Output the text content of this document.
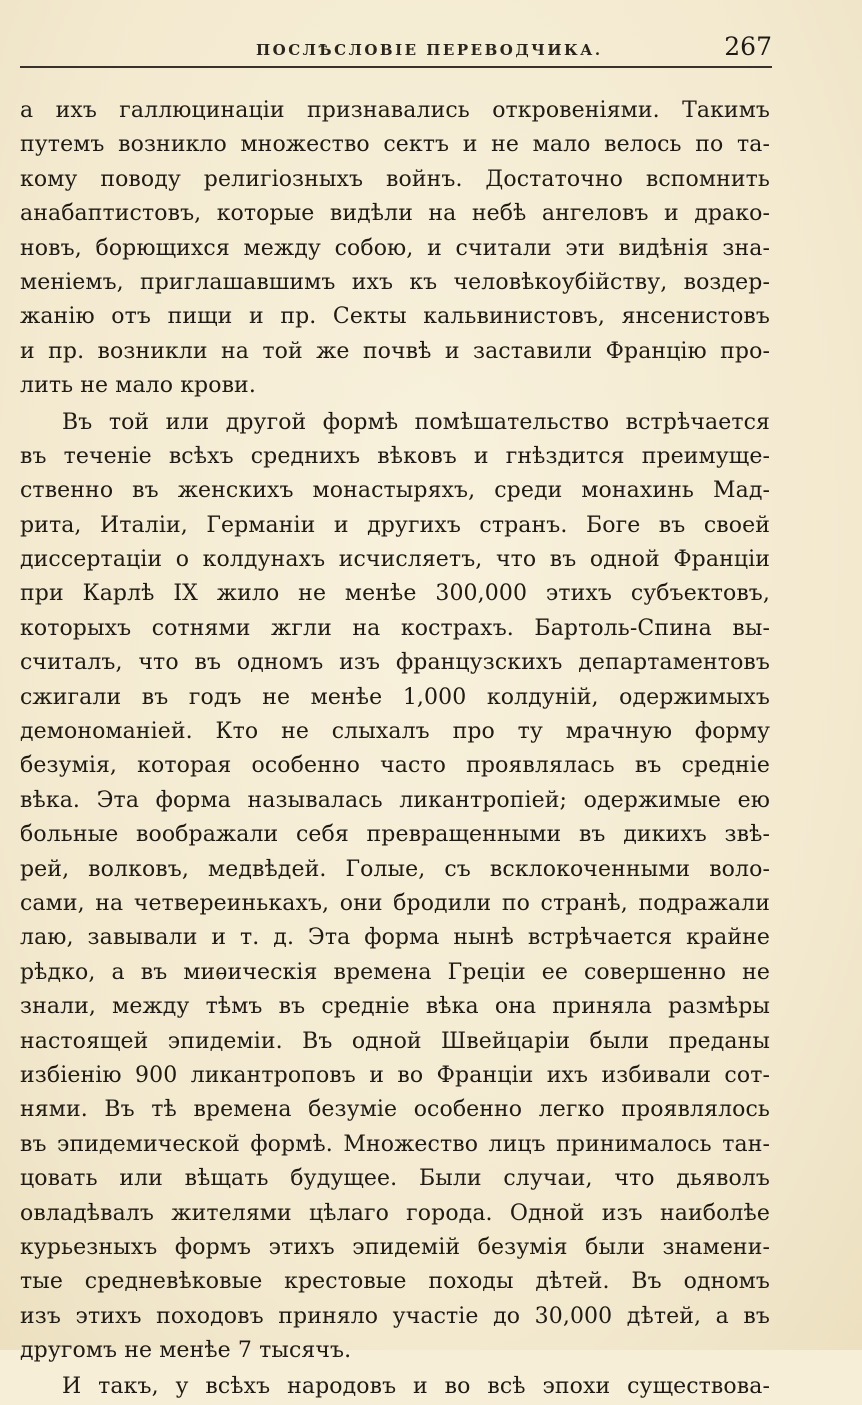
ПОСЛѢСЛОВІЕ ПЕРЕВОДЧИКА.	267
а ихъ галлюцинаціи признавались откровеніями. Такимъ
путемъ возникло множество сектъ и не мало велось по та-
кому поводу религіозныхъ войнъ. Достаточно вспомнить
анабаптистовъ, которые видѣли на небѣ ангеловъ и драко-
новъ, борющихся между собою, и считали эти видѣнія зна-
меніемъ, приглашавшимъ ихъ къ человѣкоубійству, воздер-
жанію отъ пищи и пр. Секты кальвинистовъ, янсенистовъ
и пр. возникли на той же почвѣ и заставили Францію про-
лить не мало крови.
Въ той или другой формѣ помѣшательство встрѣчается
въ теченіе всѣхъ среднихъ вѣковъ и гнѣздится преимуще-
ственно въ женскихъ монастыряхъ, среди монахинь Мад-
рита, Италіи, Германіи и другихъ странъ. Боге въ своей
диссертаціи о колдунахъ исчисляетъ, что въ одной Франціи
при Карлѣ IX жило не менѣе 300,000 этихъ субъектовъ,
которыхъ сотнями жгли на кострахъ. Бартоль-Спина вы-
считалъ, что въ одномъ изъ французскихъ департаментовъ
сжигали въ годъ не менѣе 1,000 колдуній, одержимыхъ
демономаніей. Кто не слыхалъ про ту мрачную форму
безумія, которая особенно часто проявлялась въ средніе
вѣка. Эта форма называлась ликантропіей; одержимые ею
больные воображали себя превращенными въ дикихъ звѣ-
рей, волковъ, медвѣдей. Голые, съ всклокоченными воло-
сами, на четвереинькахъ, они бродили по странѣ, подражали
лаю, завывали и т. д. Эта форма нынѣ встрѣчается крайне
рѣдко, а въ миѳическія времена Греціи ее совершенно не
знали, между тѣмъ въ средніе вѣка она приняла размѣры
настоящей эпидеміи. Въ одной Швейцаріи были преданы
избіенію 900 ликантроповъ и во Франціи ихъ избивали сот-
нями. Въ тѣ времена безуміе особенно легко проявлялось
въ эпидемической формѣ. Множество лицъ принималось тан-
цовать или вѣщать будущее. Были случаи, что дьяволъ
овладѣвалъ жителями цѣлаго города. Одной изъ наиболѣе
курьезныхъ формъ этихъ эпидемій безумія были знамени-
тые средневѣковые крестовые походы дѣтей. Въ одномъ
изъ этихъ походовъ приняло участіе до 30,000 дѣтей, а въ
другомъ не менѣе 7 тысячъ.
И такъ, у всѣхъ народовъ и во всѣ эпохи существова-
